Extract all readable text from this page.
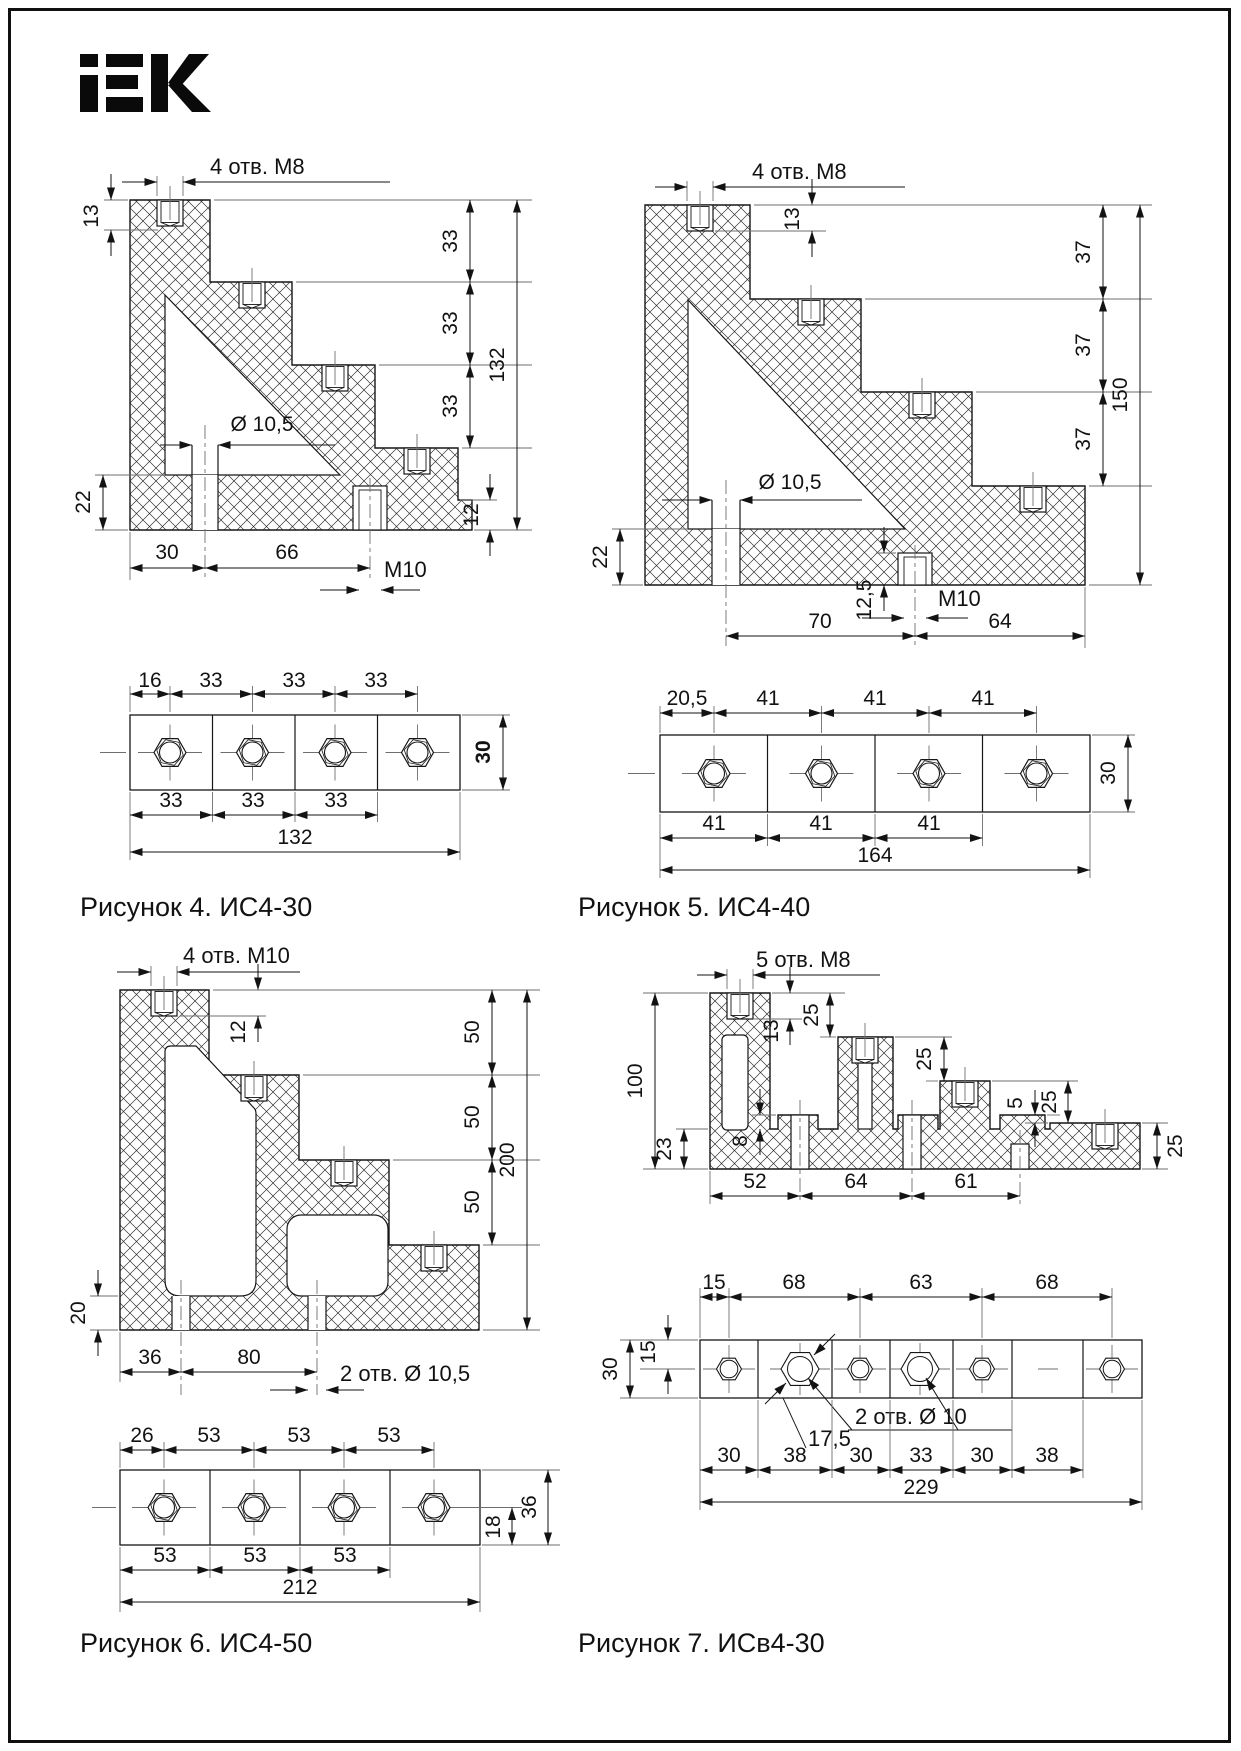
4 отв. М8
13
33
33
33
132
22
Ø 10,5
30	66
М10
12
16 33	33	33
30
33	33	33
132
Рисунок 4. ИС4-30
4 отв. М8
13
37
37
37
150
22
Ø 10,5
12,5	М10
70	64
20,5 41	41	41
30
41	41	41
164
Рисунок 5. ИС4-40
4 отв. М10
12	50
50
50
200
20
36	80
2 отв. Ø 10,5
26 53	53	53
18
36
53	53	53
212
Рисунок 6. ИС4-50
5 отв. М8
13
100
23	8
25
25
25
5
25
52	64	61
30
15
15	68	63	68
2 отв. Ø 10
17,5
30 38 30 33 30 38
229
Рисунок 7. ИСв4-30
